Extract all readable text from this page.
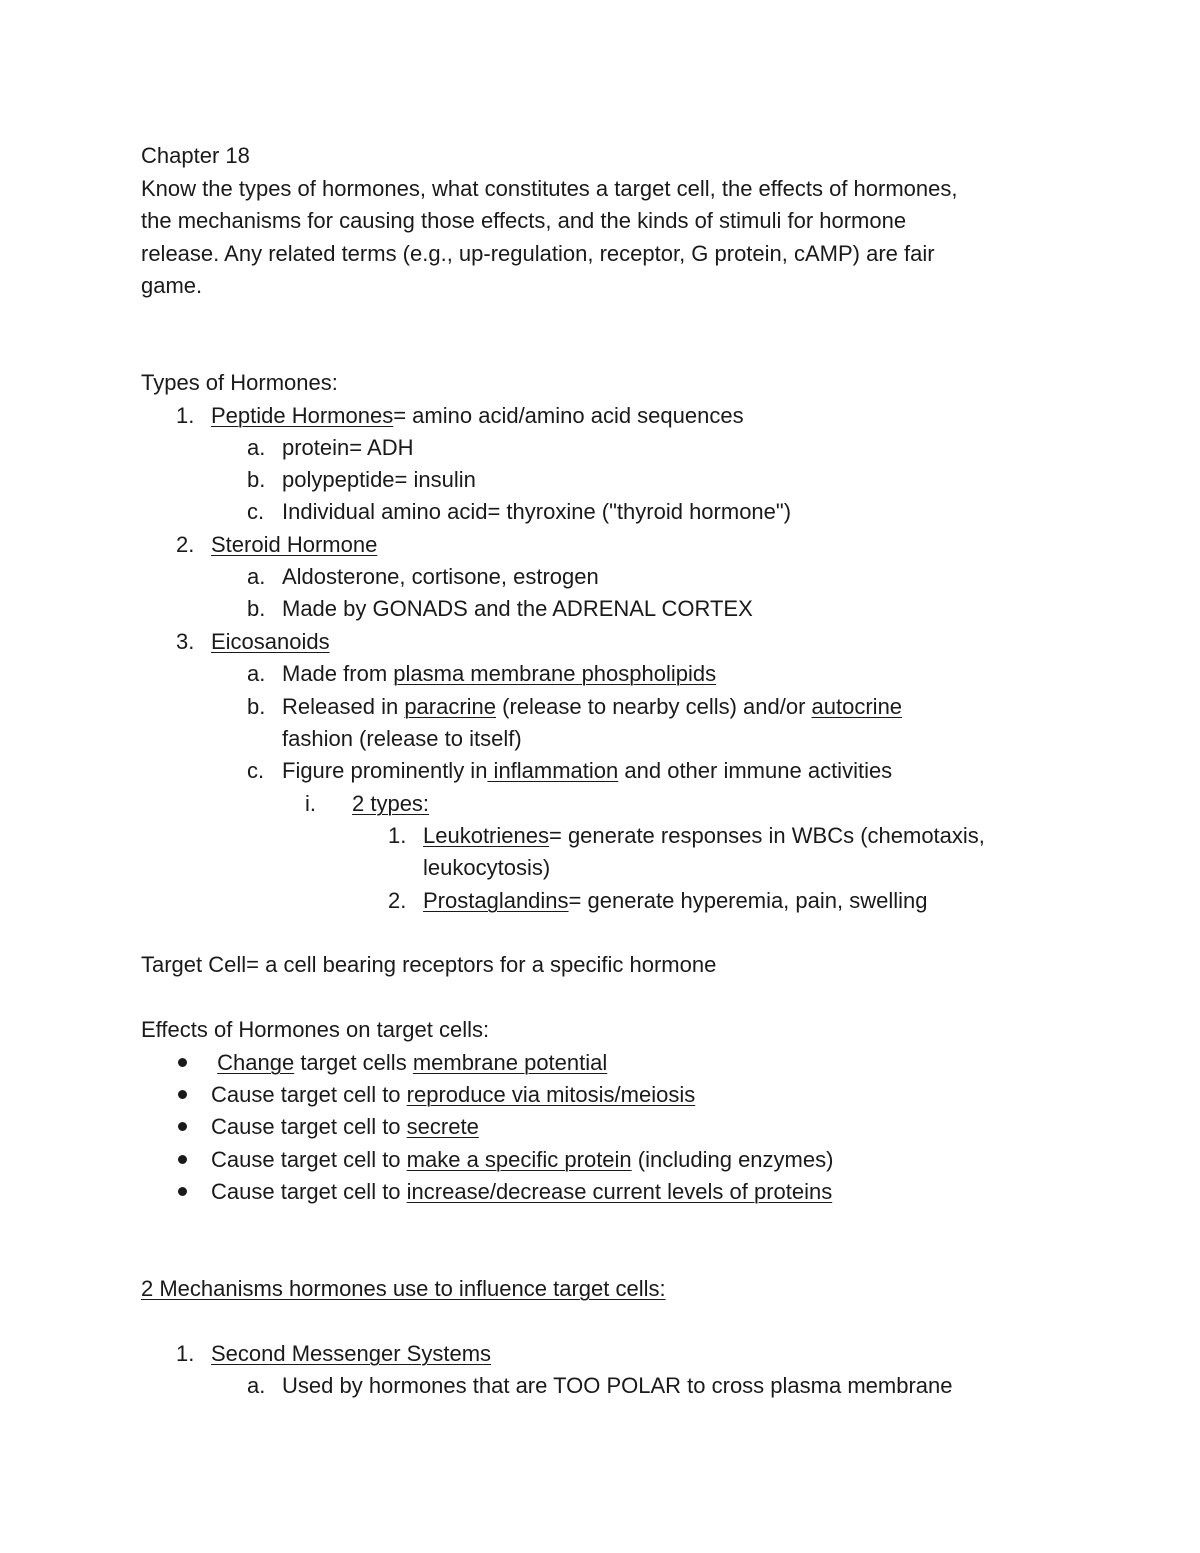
Chapter 18
Know the types of hormones, what constitutes a target cell, the effects of hormones,
the mechanisms for causing those effects, and the kinds of stimuli for hormone
release. Any related terms (e.g., up-regulation, receptor, G protein, cAMP) are fair
game.
Types of Hormones:
1. Peptide Hormones= amino acid/amino acid sequences
a. protein= ADH
b. polypeptide= insulin
c. Individual amino acid= thyroxine ("thyroid hormone")
2. Steroid Hormone
a. Aldosterone, cortisone, estrogen
b. Made by GONADS and the ADRENAL CORTEX
3. Eicosanoids
a. Made from plasma membrane phospholipids
b. Released in paracrine (release to nearby cells) and/or autocrine
fashion (release to itself)
c. Figure prominently in inflammation and other immune activities
i. 2 types:
1. Leukotrienes= generate responses in WBCs (chemotaxis,
leukocytosis)
2. Prostaglandins= generate hyperemia, pain, swelling
Target Cell= a cell bearing receptors for a specific hormone
Effects of Hormones on target cells:
Change target cells membrane potential
Cause target cell to reproduce via mitosis/meiosis
Cause target cell to secrete
Cause target cell to make a specific protein (including enzymes)
Cause target cell to increase/decrease current levels of proteins
2 Mechanisms hormones use to influence target cells:
1. Second Messenger Systems
a. Used by hormones that are TOO POLAR to cross plasma membrane
